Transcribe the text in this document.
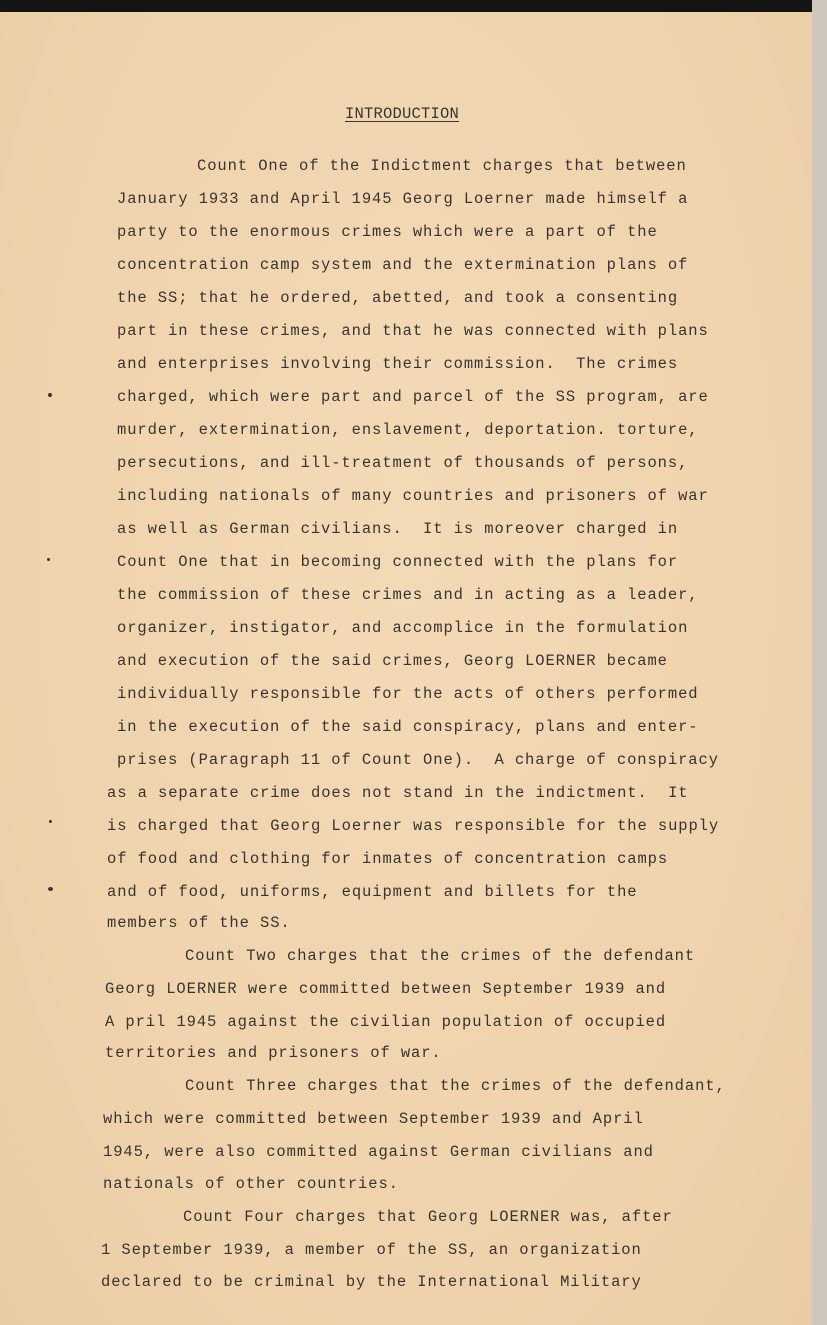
INTRODUCTION
Count One of the Indictment charges that between
January 1933 and April 1945 Georg Loerner made himself a
party to the enormous crimes which were a part of the
concentration camp system and the extermination plans of
the SS; that he ordered, abetted, and took a consenting
part in these crimes, and that he was connected with plans
and enterprises involving their commission.  The crimes
charged, which were part and parcel of the SS program, are
murder, extermination, enslavement, deportation. torture,
persecutions, and ill-treatment of thousands of persons,
including nationals of many countries and prisoners of war
as well as German civilians.  It is moreover charged in
Count One that in becoming connected with the plans for
the commission of these crimes and in acting as a leader,
organizer, instigator, and accomplice in the formulation
and execution of the said crimes, Georg LOERNER became
individually responsible for the acts of others performed
in the execution of the said conspiracy, plans and enter-
prises (Paragraph 11 of Count One).  A charge of conspiracy
as a separate crime does not stand in the indictment.  It
is charged that Georg Loerner was responsible for the supply
of food and clothing for inmates of concentration camps
and of food, uniforms, equipment and billets for the
members of the SS.
Count Two charges that the crimes of the defendant
Georg LOERNER were committed between September 1939 and
A pril 1945 against the civilian population of occupied
territories and prisoners of war.
Count Three charges that the crimes of the defendant,
which were committed between September 1939 and April
1945, were also committed against German civilians and
nationals of other countries.
Count Four charges that Georg LOERNER was, after
1 September 1939, a member of the SS, an organization
declared to be criminal by the International Military
